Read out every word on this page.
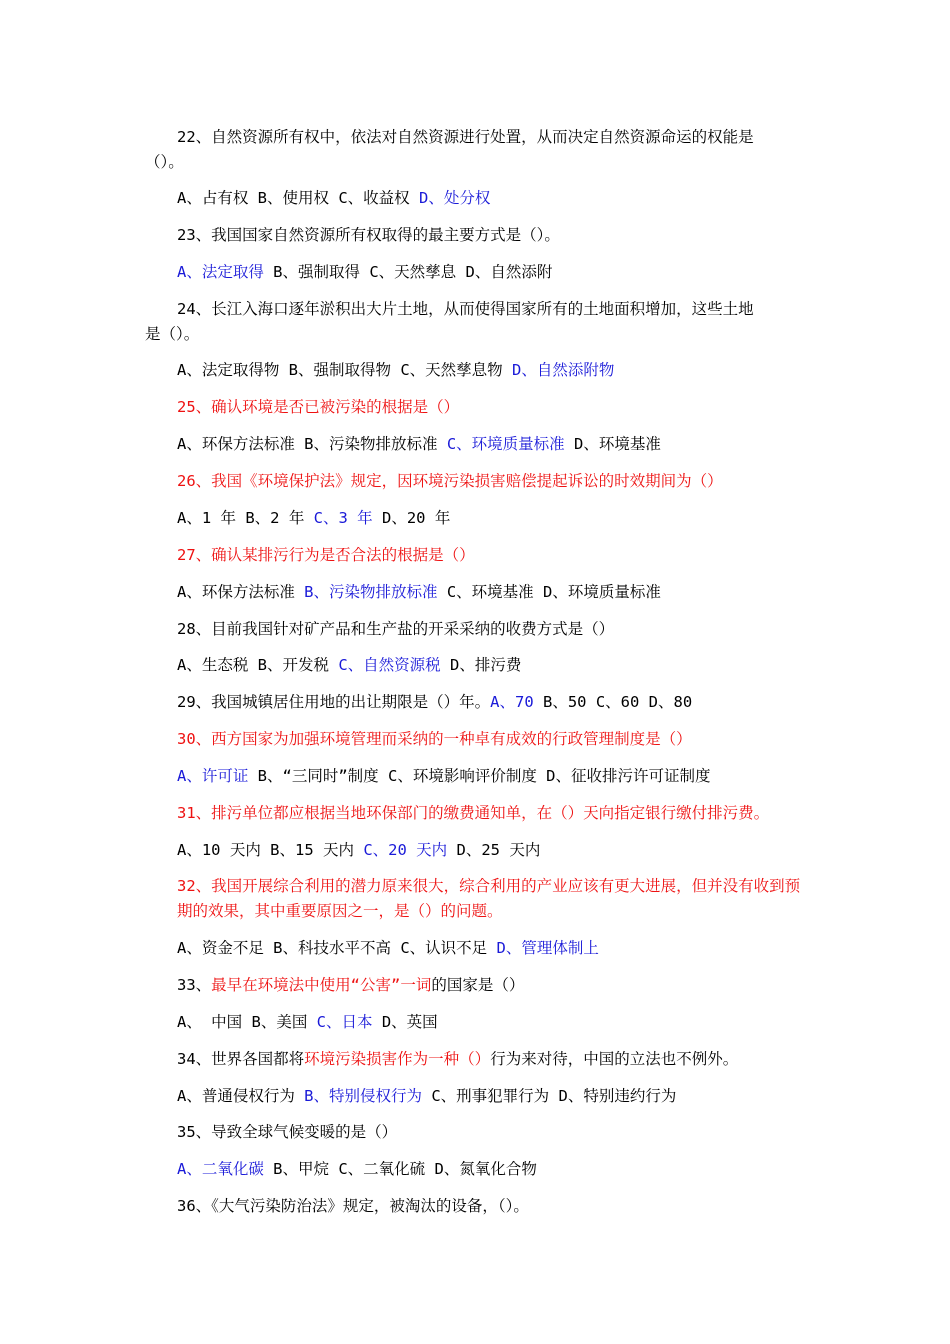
22、自然资源所有权中，依法对自然资源进行处置，从而决定自然资源命运的权能是
（）。
A、占有权 B、使用权 C、收益权 D、处分权
23、我国国家自然资源所有权取得的最主要方式是（）。
A、法定取得 B、强制取得 C、天然孳息 D、自然添附
24、长江入海口逐年淤积出大片土地，从而使得国家所有的土地面积增加，这些土地
是（）。
A、法定取得物 B、强制取得物 C、天然孳息物 D、自然添附物
25、确认环境是否已被污染的根据是（）
A、环保方法标准 B、污染物排放标准 C、环境质量标准 D、环境基准
26、我国《环境保护法》规定，因环境污染损害赔偿提起诉讼的时效期间为（）
A、1 年 B、2 年 C、3 年 D、20 年
27、确认某排污行为是否合法的根据是（）
A、环保方法标准 B、污染物排放标准 C、环境基准 D、环境质量标准
28、目前我国针对矿产品和生产盐的开采采纳的收费方式是（）
A、生态税 B、开发税 C、自然资源税 D、排污费
29、我国城镇居住用地的出让期限是（）年。A、70 B、50 C、60 D、80
30、西方国家为加强环境管理而采纳的一种卓有成效的行政管理制度是（）
A、许可证 B、“三同时”制度 C、环境影响评价制度 D、征收排污许可证制度
31、排污单位都应根据当地环保部门的缴费通知单，在（）天向指定银行缴付排污费。
A、10 天内 B、15 天内 C、20 天内 D、25 天内
32、我国开展综合利用的潜力原来很大，综合利用的产业应该有更大进展，但并没有收到预期的效果，其中重要原因之一，是（）的问题。
A、资金不足 B、科技水平不高 C、认识不足 D、管理体制上
33、最早在环境法中使用“公害”一词的国家是（）
A、 中国 B、美国 C、日本 D、英国
34、世界各国都将环境污染损害作为一种（）行为来对待，中国的立法也不例外。
A、普通侵权行为 B、特别侵权行为 C、刑事犯罪行为 D、特别违约行为
35、导致全球气候变暖的是（）
A、二氧化碳 B、甲烷 C、二氧化硫 D、氮氧化合物
36、《大气污染防治法》规定，被淘汰的设备，（）。
